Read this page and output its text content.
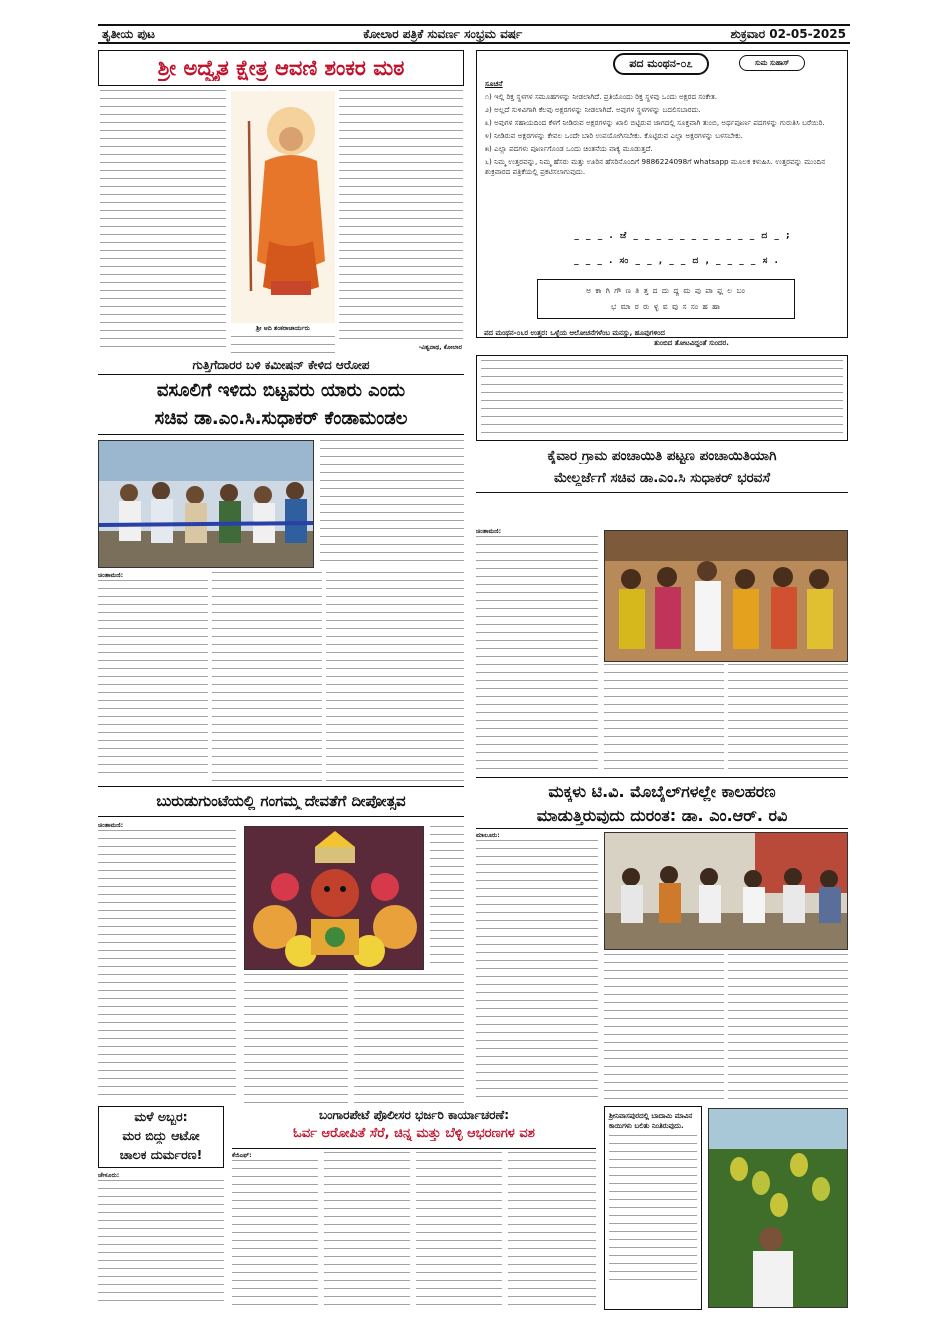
ತೃತೀಯ ಪುಟ	ಕೋಲಾರ ಪತ್ರಿಕೆ ಸುವರ್ಣ ಸಂಭ್ರಮ ವರ್ಷ	ಶುಕ್ರವಾರ 02-05-2025
ಶ್ರೀ ಅದ್ವೈತ ಕ್ಷೇತ್ರ ಆವಣಿ ಶಂಕರ ಮಠ
ಶ್ರೀ ಆದಿ ಶಂಕರಾಚಾರ್ಯರು
-ವಿಶ್ವನಾಥ, ಕೋಲಾರ
ಪದ ಮಂಥನ-೦೭	ಸುಮ ಸುಹಾಸ್
ಸೂಚನೆ
೧) ಇಲ್ಲಿ ರಿಕ್ತ ಸ್ಥಳಗಳ ಸಮೂಹಗಳನ್ನು ನೀಡಲಾಗಿದೆ. ಪ್ರತಿಯೊಂದು ರಿಕ್ತ ಸ್ಥಳವು ಒಂದು ಅಕ್ಷರದ ಸಂಕೇತ.
೨) ಅಲ್ಲದೆ ಸುಳಿವಿಗಾಗಿ ಕೆಲವು ಅಕ್ಷರಗಳನ್ನು ನೀಡಲಾಗಿದೆ. ಅವುಗಳ ಸ್ಥಳಗಳನ್ನು ಬದಲಿಸಬಾರದು.
೩) ಅವುಗಳ ಸಹಾಯದಿಂದ ಕೆಳಗೆ ನೀಡಿರುವ ಅಕ್ಷರಗಳನ್ನು ಖಾಲಿ ಬಿಟ್ಟಿರುವ ಜಾಗದಲ್ಲಿ ಸೂಕ್ತವಾಗಿ ತುಂಬಿ, ಅರ್ಥಪೂರ್ಣ ಪದಗಳನ್ನು ಗುರುತಿಸಿ ಬರೆಯಿರಿ.
೪) ನೀಡಿರುವ ಅಕ್ಷರಗಳನ್ನು ಕೇವಲ ಒಂದೇ ಬಾರಿ ಉಪಯೋಗಿಸಬೇಕು. ಕೊಟ್ಟಿರುವ ಎಲ್ಲಾ ಅಕ್ಷರಗಳನ್ನು ಬಳಸಬೇಕು.
೫) ಎಲ್ಲಾ ಪದಗಳು ಪೂರ್ಣಗೊಂಡ ಒಂದು ಚಿಂತನೆಯ ವಾಕ್ಯ ಮೂಡುತ್ತದೆ.
೬) ನಿಮ್ಮ ಉತ್ತರವನ್ನು, ನಿಮ್ಮ ಹೆಸರು ಮತ್ತು ಊರಿನ ಹೆಸರಿನೊಂದಿಗೆ 9886224098ಗೆ whatsapp ಮೂಲಕ ಕಳುಹಿಸಿ. ಉತ್ತರವನ್ನು ಮುಂದಿನ ಶುಕ್ರವಾರದ ಪತ್ರಿಕೆಯಲ್ಲಿ ಪ್ರಕಟಿಸಲಾಗುವುದು.
_ _ _ . ಜೆ _ _ _ _ _ _ _ _ _ _ _ ದ _ ;
_ _ _ . ಸಂ _ _ , _ _ ದ , _ _ _ _ ಸ .
ಅ ಕಾ ಗಿ ಗೌ ಣ ತಿ ತ್ತ ದ ದು ದ್ದ ಮ ಪು ಪಾ ಫ್ಲ ಲ ಬಂ
ಭ ಮಾ ರ ರು ಳ್ಳ ವ ವು ಸ ಸಂ ಹ ಹಾ
ಪದ ಮಂಥನ-೦೬ರ ಉತ್ತರ: ಒಳ್ಳೆಯ ಆಲೋಚನೆಗಳೆಂಬ ಮನಸ್ಸು, ಹೂವುಗಳಿಂದ
ತುಂಬಿದ ತೋಟವಿದ್ದಂತೆ ಸುಂದರ.
ಗುತ್ತಿಗೆದಾರರ ಬಳಿ ಕಮೀಷನ್ ಕೇಳಿದ ಆರೋಪ
ವಸೂಲಿಗೆ ಇಳಿದು ಬಿಟ್ಟವರು ಯಾರು ಎಂದು
ಸಚಿವ ಡಾ.ಎಂ.ಸಿ.ಸುಧಾಕರ್ ಕೆಂಡಾಮಂಡಲ
ಚಿಂತಾಮಣಿ:
ಕೈವಾರ ಗ್ರಾಮ ಪಂಚಾಯಿತಿ ಪಟ್ಟಣ ಪಂಚಾಯಿತಿಯಾಗಿ
ಮೇಲ್ದರ್ಜೆಗೆ ಸಚಿವ ಡಾ.ಎಂ.ಸಿ ಸುಧಾಕರ್ ಭರವಸೆ
ಚಿಂತಾಮಣಿ:
ಮಕ್ಕಳು ಟಿ.ವಿ. ಮೊಬೈಲ್‌ಗಳಲ್ಲೇ ಕಾಲಹರಣ
ಮಾಡುತ್ತಿರುವುದು ದುರಂತ: ಡಾ. ಎಂ.ಆರ್. ರವಿ
ಮಾಲೂರು:
ಬುರುಡುಗುಂಟೆಯಲ್ಲಿ ಗಂಗಮ್ಮ ದೇವತೆಗೆ ದೀಪೋತ್ಸವ
ಚಿಂತಾಮಣಿ:
ಮಳೆ ಅಬ್ಬರ:
ಮರ ಬಿದ್ದು ಆಟೋ
ಚಾಲಕ ದುರ್ಮರಣ!
ಚೇಳೂರು:
ಬಂಗಾರಪೇಟೆ ಪೊಲೀಸರ ಭರ್ಜರಿ ಕಾರ್ಯಾಚರಣೆ:
ಓರ್ವ ಆರೋಪಿತೆ ಸೆರೆ, ಚಿನ್ನ ಮತ್ತು ಬೆಳ್ಳಿ ಆಭರಣಗಳ ವಶ
ಕೆಜಿಎಫ್:
ಶ್ರೀನಿವಾಸಪುರದಲ್ಲಿ ಬಾದಾಮಿ ಮಾವಿನ ಕಾಯಿಗಳು ಬಲಿತು ನಿಂತಿರುವುದು.
